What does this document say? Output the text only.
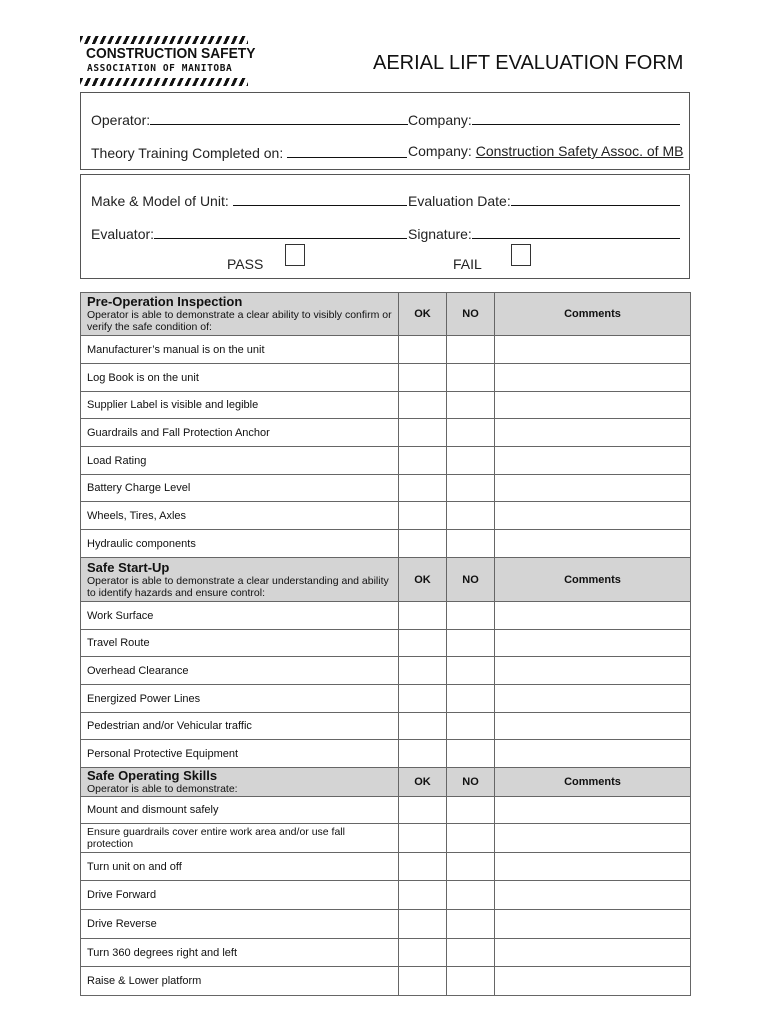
CONSTRUCTION SAFETY
ASSOCIATION OF MANITOBA	AERIAL LIFT EVALUATION FORM
Operator:	Company:
Theory Training Completed on:	Company: Construction Safety Assoc. of MB
Make & Model of Unit:	Evaluation Date:
Evaluator:	Signature:
PASS	FAIL
Pre-Operation Inspection
Operator is able to demonstrate a clear ability to visibly confirm or verify the safe condition of:	OK	NO	Comments
Manufacturer’s manual is on the unit			
Log Book is on the unit			
Supplier Label is visible and legible			
Guardrails and Fall Protection Anchor			
Load Rating			
Battery Charge Level			
Wheels, Tires, Axles			
Hydraulic components			

Safe Start-Up
Operator is able to demonstrate a clear understanding and ability to identify hazards and ensure control:	OK	NO	Comments
Work Surface			
Travel Route			
Overhead Clearance			
Energized Power Lines			
Pedestrian and/or Vehicular traffic			
Personal Protective Equipment			

Safe Operating Skills
Operator is able to demonstrate:	OK	NO	Comments
Mount and dismount safely			
Ensure guardrails cover entire work area and/or use fall protection			
Turn unit on and off			
Drive Forward			
Drive Reverse			
Turn 360 degrees right and left			
Raise & Lower platform			
